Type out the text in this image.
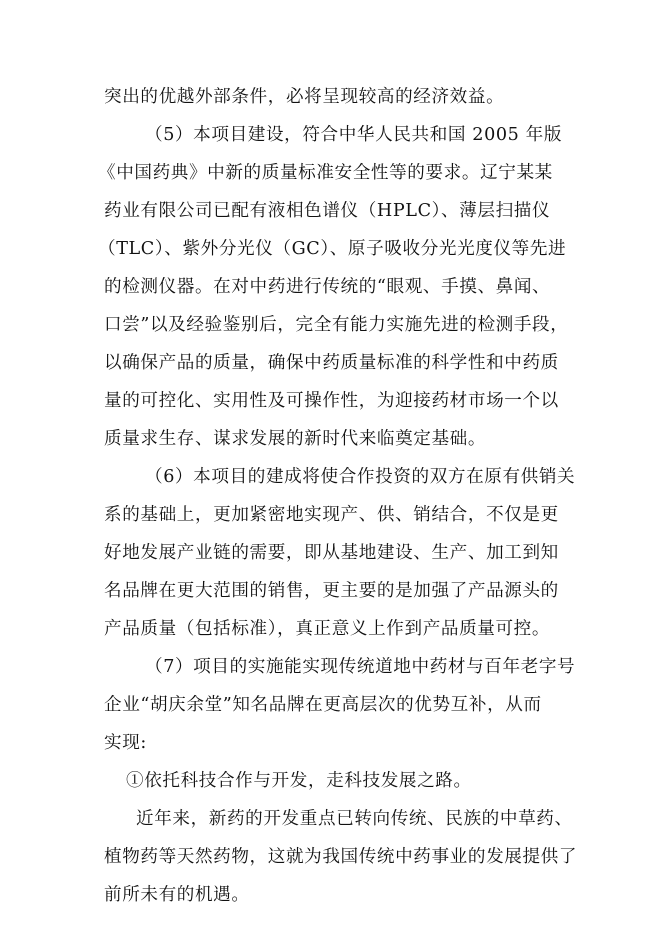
突出的优越外部条件，必将呈现较高的经济效益。
（5）本项目建设，符合中华人民共和国 2005 年版
《中国药典》中新的质量标准安全性等的要求。辽宁某某
药业有限公司已配有液相色谱仪（HPLC）、薄层扫描仪
（TLC）、紫外分光仪（GC）、原子吸收分光光度仪等先进
的检测仪器。在对中药进行传统的“眼观、手摸、鼻闻、
口尝”以及经验鉴别后，完全有能力实施先进的检测手段，
以确保产品的质量，确保中药质量标准的科学性和中药质
量的可控化、实用性及可操作性，为迎接药材市场一个以
质量求生存、谋求发展的新时代来临奠定基础。
（6）本项目的建成将使合作投资的双方在原有供销关
系的基础上，更加紧密地实现产、供、销结合，不仅是更
好地发展产业链的需要，即从基地建设、生产、加工到知
名品牌在更大范围的销售，更主要的是加强了产品源头的
产品质量（包括标准），真正意义上作到产品质量可控。
（7）项目的实施能实现传统道地中药材与百年老字号
企业“胡庆余堂”知名品牌在更高层次的优势互补，从而
实现:
①依托科技合作与开发，走科技发展之路。
近年来，新药的开发重点已转向传统、民族的中草药、
植物药等天然药物，这就为我国传统中药事业的发展提供了
前所未有的机遇。
